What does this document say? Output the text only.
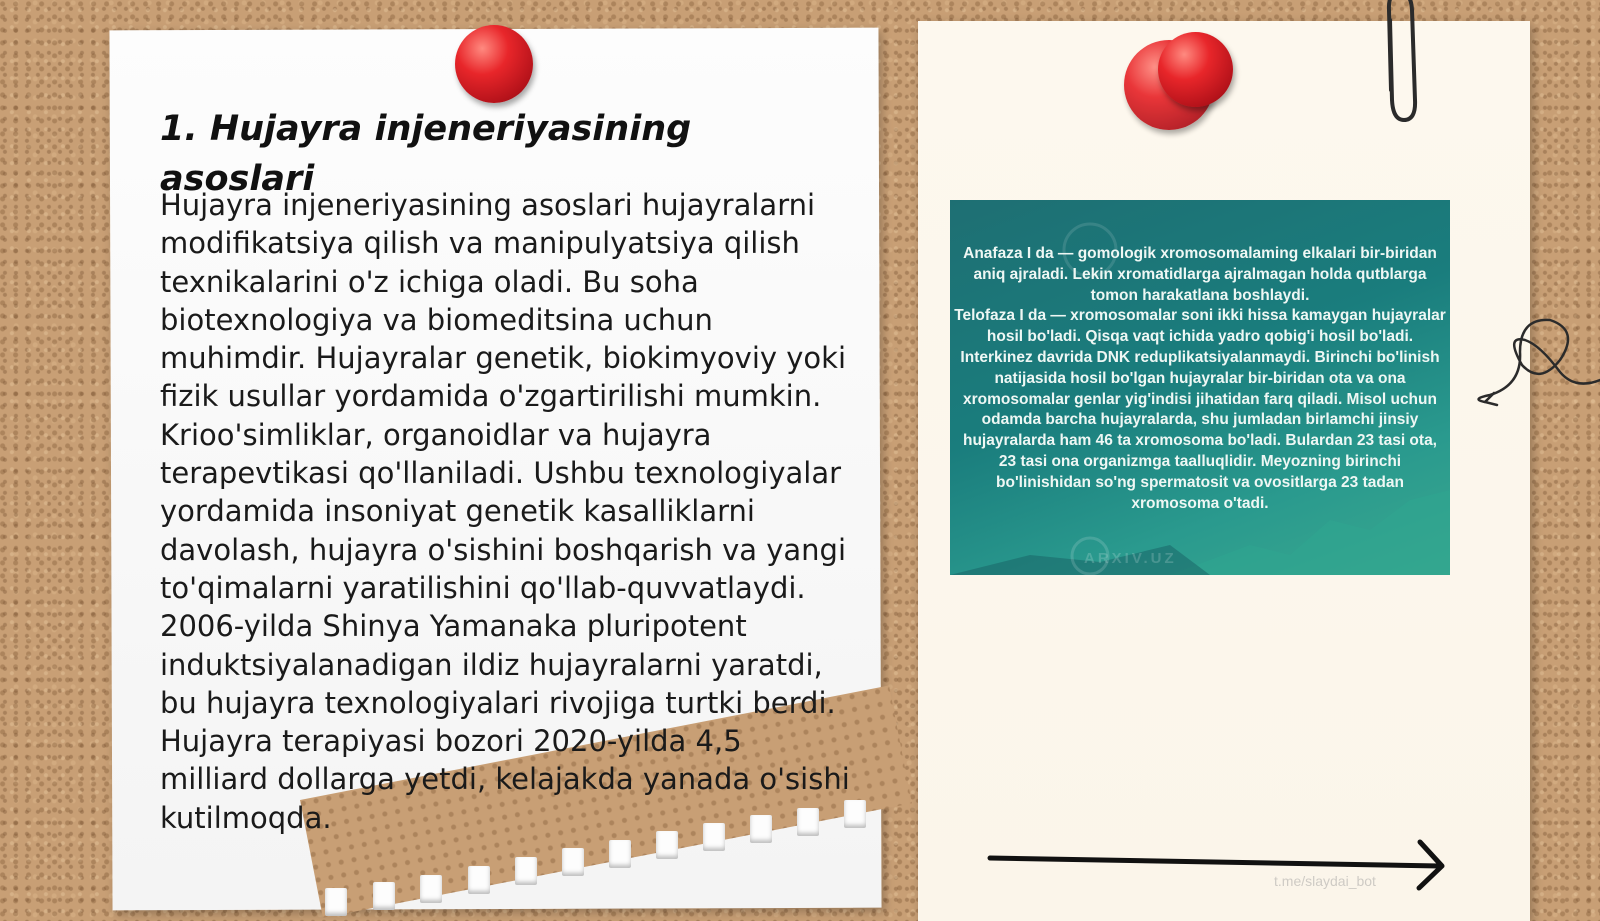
1. Hujayra injeneriyasining asoslari

Hujayra injeneriyasining asoslari hujayralarni modifikatsiya qilish va manipulyatsiya qilish texnikalarini o'z ichiga oladi. Bu soha biotexnologiya va biomeditsina uchun muhimdir. Hujayralar genetik, biokimyoviy yoki fizik usullar yordamida o'zgartirilishi mumkin. Krioo'simliklar, organoidlar va hujayra terapevtikasi qo'llaniladi. Ushbu texnologiyalar yordamida insoniyat genetik kasalliklarni davolash, hujayra o'sishini boshqarish va yangi to'qimalarni yaratilishini qo'llab-quvvatlaydi. 2006-yilda Shinya Yamanaka pluripotent induktsiyalanadigan ildiz hujayralarni yaratdi, bu hujayra texnologiyalari rivojiga turtki berdi. Hujayra terapiyasi bozori 2020-yilda 4,5 milliard dollarga yetdi, kelajakda yanada o'sishi kutilmoqda.

Anafaza I da — gomologik xromosomalaming elkalari bir-biridan aniq ajraladi. Lekin xromatidlarga ajralmagan holda qutblarga tomon harakatlana boshlaydi.
Telofaza I da — xromosomalar soni ikki hissa kamaygan hujayralar hosil bo'ladi. Qisqa vaqt ichida yadro qobig'i hosil bo'ladi.
Interkinez davrida DNK reduplikatsiyalanmaydi. Birinchi bo'linish natijasida hosil bo'lgan hujayralar bir-biridan ota va ona xromosomalar genlar yig'indisi jihatidan farq qiladi. Misol uchun odamda barcha hujayralarda, shu jumladan birlamchi jinsiy hujayralarda ham 46 ta xromosoma bo'ladi. Bulardan 23 tasi ota, 23 tasi ona organizmga taalluqlidir. Meyozning birinchi bo'linishidan so'ng spermatosit va ovositlarga 23 tadan xromosoma o'tadi.

ARXIV.UZ
t.me/slaydai_bot
